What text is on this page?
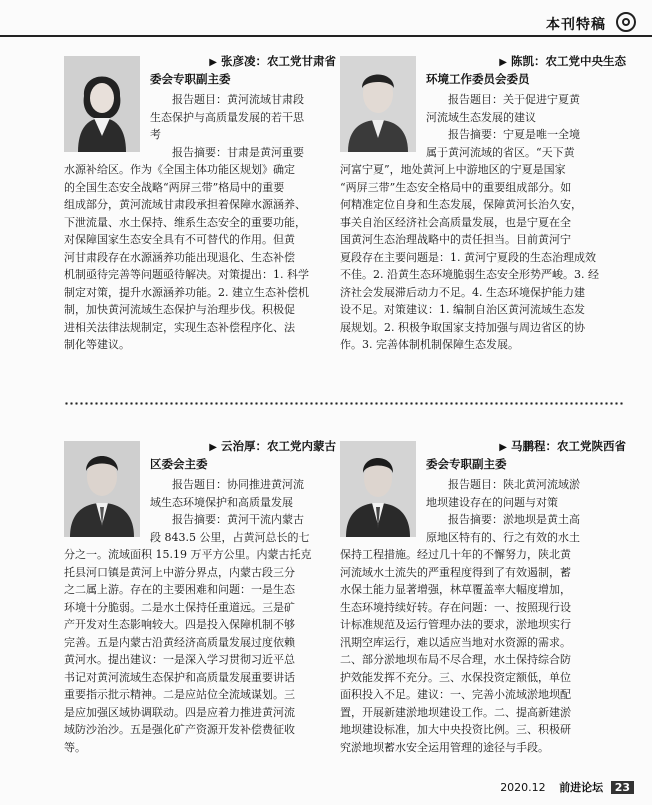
本刊特稿
▶ 张彦凌：农工党甘肃省
委会专职副主委
报告题目：黄河流域甘肃段
生态保护与高质量发展的若干思
考
报告摘要：甘肃是黄河重要
水源补给区。作为《全国主体功能区规划》确定
的全国生态安全战略“两屏三带”格局中的重要
组成部分，黄河流域甘肃段承担着保障水源涵养、
下泄流量、水土保持、维系生态安全的重要功能，
对保障国家生态安全具有不可替代的作用。但黄
河甘肃段存在水源涵养功能出现退化、生态补偿
机制亟待完善等问题亟待解决。对策提出：1. 科学
制定对策，提升水源涵养功能。2. 建立生态补偿机
制，加快黄河流域生态保护与治理步伐。积极促
进相关法律法规制定，实现生态补偿程序化、法
制化等建议。
▶ 陈凯：农工党中央生态
环境工作委员会委员
报告题目：关于促进宁夏黄
河流域生态发展的建议
报告摘要：宁夏是唯一全境
属于黄河流域的省区。“天下黄
河富宁夏”，地处黄河上中游地区的宁夏是国家
“两屏三带”生态安全格局中的重要组成部分。如
何精准定位自身和生态发展，保障黄河长治久安，
事关自治区经济社会高质量发展，也是宁夏在全
国黄河生态治理战略中的责任担当。目前黄河宁
夏段存在主要问题是：1. 黄河宁夏段的生态治理成效
不佳。2. 沿黄生态环境脆弱生态安全形势严峻。3. 经
济社会发展滞后动力不足。4. 生态环境保护能力建
设不足。对策建议：1. 编制自治区黄河流域生态发
展规划。2. 积极争取国家支持加强与周边省区的协
作。3. 完善体制机制保障生态发展。
▶ 云治厚：农工党内蒙古
区委会主委
报告题目：协同推进黄河流
域生态环境保护和高质量发展
报告摘要：黄河干流内蒙古
段 843.5 公里，占黄河总长的七
分之一。流域面积 15.19 万平方公里。内蒙古托克
托县河口镇是黄河上中游分界点，内蒙古段三分
之二属上游。存在的主要困难和问题：一是生态
环境十分脆弱。二是水土保持任重道远。三是矿
产开发对生态影响较大。四是投入保障机制不够
完善。五是内蒙古沿黄经济高质量发展过度依赖
黄河水。提出建议：一是深入学习贯彻习近平总
书记对黄河流域生态保护和高质量发展重要讲话
重要指示批示精神。二是应站位全流域谋划。三
是应加强区域协调联动。四是应着力推进黄河流
域防沙治沙。五是强化矿产资源开发补偿费征收
等。
▶ 马鹏程：农工党陕西省
委会专职副主委
报告题目：陕北黄河流域淤
地坝建设存在的问题与对策
报告摘要：淤地坝是黄土高
原地区特有的、行之有效的水土
保持工程措施。经过几十年的不懈努力，陕北黄
河流域水土流失的严重程度得到了有效遏制，蓄
水保土能力显著增强，林草覆盖率大幅度增加，
生态环境持续好转。存在问题：一、按照现行设
计标准规范及运行管理办法的要求，淤地坝实行
汛期空库运行，难以适应当地对水资源的需求。
二、部分淤地坝布局不尽合理，水土保持综合防
护效能发挥不充分。三、水保投资定额低，单位
面积投入不足。建议：一、完善小流域淤地坝配
置，开展新建淤地坝建设工作。二、提高新建淤
地坝建设标准，加大中央投资比例。三、积极研
究淤地坝蓄水安全运用管理的途径与手段。
2020.12 前进论坛 23
